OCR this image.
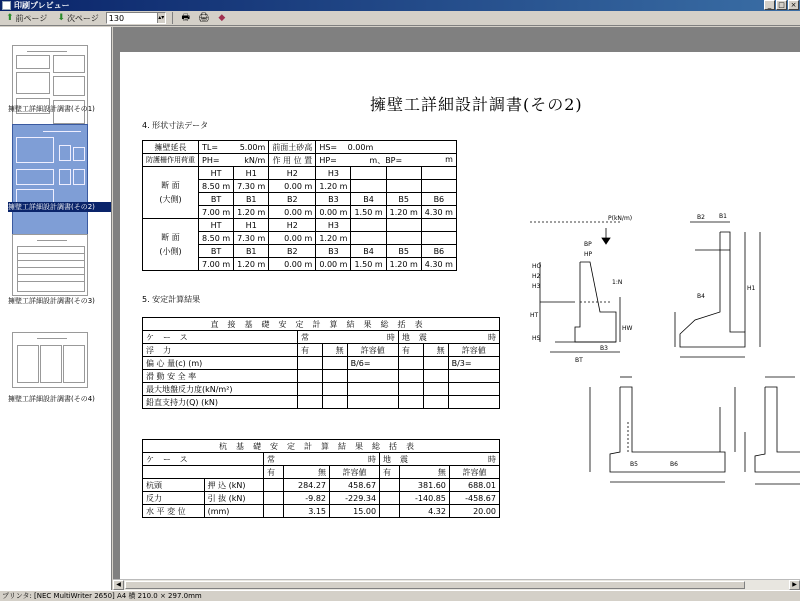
印刷プレビュー	_ □ ×
⬆ 前ページ ⬇ 次ページ 130	▴▾	🖶 🖨 ◆
擁壁工詳細設計調書(その1)
擁壁工詳細設計調書(その2)
擁壁工詳細設計調書(その3)
擁壁工詳細設計調書(その4)
擁壁工詳細設計調書(その2)
4. 形状寸法データ
擁壁延長	TL= 5.00m		前面土砂高	HS= 0.00m			
防護柵作用荷重	PH= kN/m		作 用 位 置	HP= m、BP= m			

断 面
(大側)	HT	H1	H2	H3			
	8.50 m	7.30 m	0.00 m	1.20 m			
	BT	B1	B2	B3	B4	B5	B6
	7.00 m	1.20 m	0.00 m	0.00 m	1.50 m	1.20 m	4.30 m

断 面
(小側)	HT	H1	H2	H3			
	8.50 m	7.30 m	0.00 m	1.20 m			
	BT	B1	B2	B3	B4	B5	B6
	7.00 m	1.20 m	0.00 m	0.00 m	1.50 m	1.20 m	4.30 m
5. 安定計算結果
直接基礎安定計算結果総括表						
ケース	常 時			地震 時		

浮力	有	無	許容値	有	無	許容値
偏 心 量(c) (m)			B/6=			B/3=
滑 動 安 全 率						
最大地盤反力度(kN/m²)						
鉛直支持力(Q) (kN)						
杭基礎安定計算結果総括表							
ケース		常 時			地震 時		

		有	無	許容値	有	無	許容値
杭頭	押 込 (kN)		284.27	458.67		381.60	688.01
反力	引 抜 (kN)		-9.82	-229.34		-140.85	-458.67
水 平 変 位	(mm)		3.15	15.00		4.32	20.00
P(kN/m)	B1
B2
H1
H2
H3
HT
HS
HW
B3
B4
B5	B6
BT
1:N
HO
HP
BP
◀	▶
プリンタ: [NEC MultiWriter 2650] A4 横 210.0 × 297.0mm
